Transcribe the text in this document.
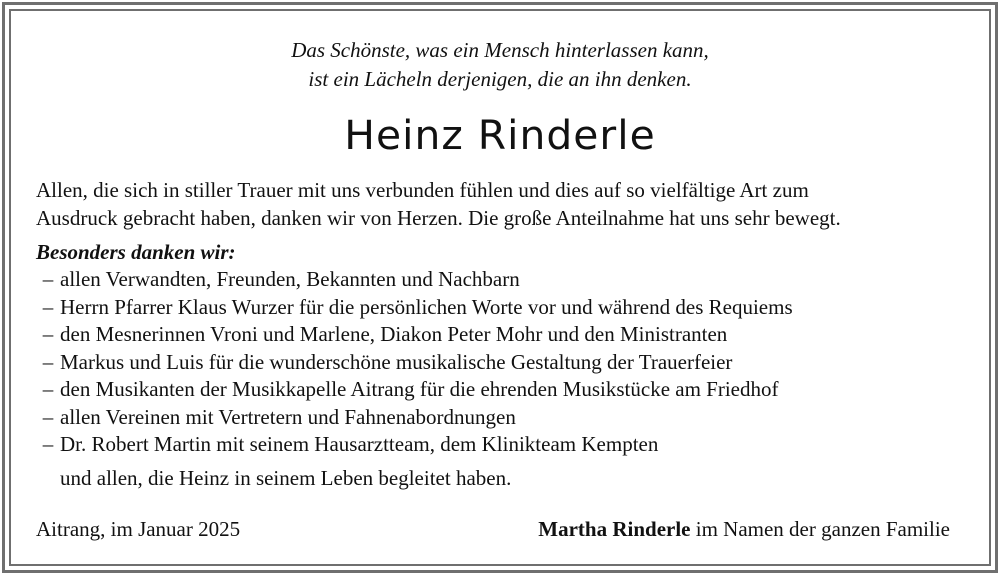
Das Schönste, was ein Mensch hinterlassen kann,
ist ein Lächeln derjenigen, die an ihn denken.
Heinz Rinderle
Allen, die sich in stiller Trauer mit uns verbunden fühlen und dies auf so vielfältige Art zum
Ausdruck gebracht haben, danken wir von Herzen. Die große Anteilnahme hat uns sehr bewegt.
Besonders danken wir:
– allen Verwandten, Freunden, Bekannten und Nachbarn
– Herrn Pfarrer Klaus Wurzer für die persönlichen Worte vor und während des Requiems
– den Mesnerinnen Vroni und Marlene, Diakon Peter Mohr und den Ministranten
– Markus und Luis für die wunderschöne musikalische Gestaltung der Trauerfeier
– den Musikanten der Musikkapelle Aitrang für die ehrenden Musikstücke am Friedhof
– allen Vereinen mit Vertretern und Fahnenabordnungen
– Dr. Robert Martin mit seinem Hausarztteam, dem Klinikteam Kempten
und allen, die Heinz in seinem Leben begleitet haben.
Aitrang, im Januar 2025	Martha Rinderle im Namen der ganzen Familie
